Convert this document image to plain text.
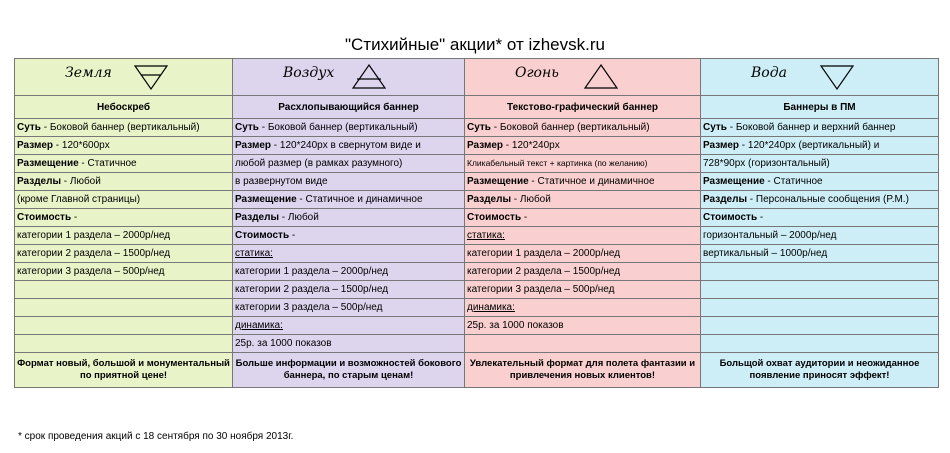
"Стихийные" акции* от izhevsk.ru
Земля	Воздух	Огонь	Вода

Небоскреб	Расхлопывающийся баннер	Текстово-графический баннер	Баннеры в ПМ
Суть - Боковой баннер (вертикальный)	Суть - Боковой баннер (вертикальный)	Суть - Боковой баннер (вертикальный)	Суть - Боковой баннер и верхний баннер
Размер - 120*600px	Размер - 120*240px в свернутом виде и	Размер - 120*240px	Размер - 120*240px (вертикальный) и
Размещение - Статичное	любой размер (в рамках разумного)	Кликабельный текст + картинка (по желанию)	728*90px (горизонтальный)
Разделы - Любой	в развернутом виде	Размещение - Статичное и динамичное	Размещение - Статичное
(кроме Главной страницы)	Размещение - Статичное и динамичное	Разделы - Любой	Разделы - Персональные сообщения (P.M.)
Стоимость -	Разделы - Любой	Стоимость -	Стоимость -
категории 1 раздела – 2000р/нед	Стоимость -	статика:	горизонтальный – 2000р/нед
категории 2 раздела – 1500р/нед	статика:	категории 1 раздела – 2000р/нед	вертикальный – 1000р/нед
категории 3 раздела – 500р/нед	категории 1 раздела – 2000р/нед	категории 2 раздела – 1500р/нед	
	категории 2 раздела – 1500р/нед	категории 3 раздела – 500р/нед	
	категории 3 раздела – 500р/нед	динамика:	
	динамика:	25р. за 1000 показов	
	25р. за 1000 показов		
Формат новый, большой и монументальный по приятной цене!	Больше информации и возможностей бокового баннера, по старым ценам!	Увлекательный формат для полета фантазии и привлечения новых клиентов!	Больщой охват аудитории и неожиданное появление приносят эффект!
* срок проведения акций с 18 сентября по 30 ноября 2013г.
